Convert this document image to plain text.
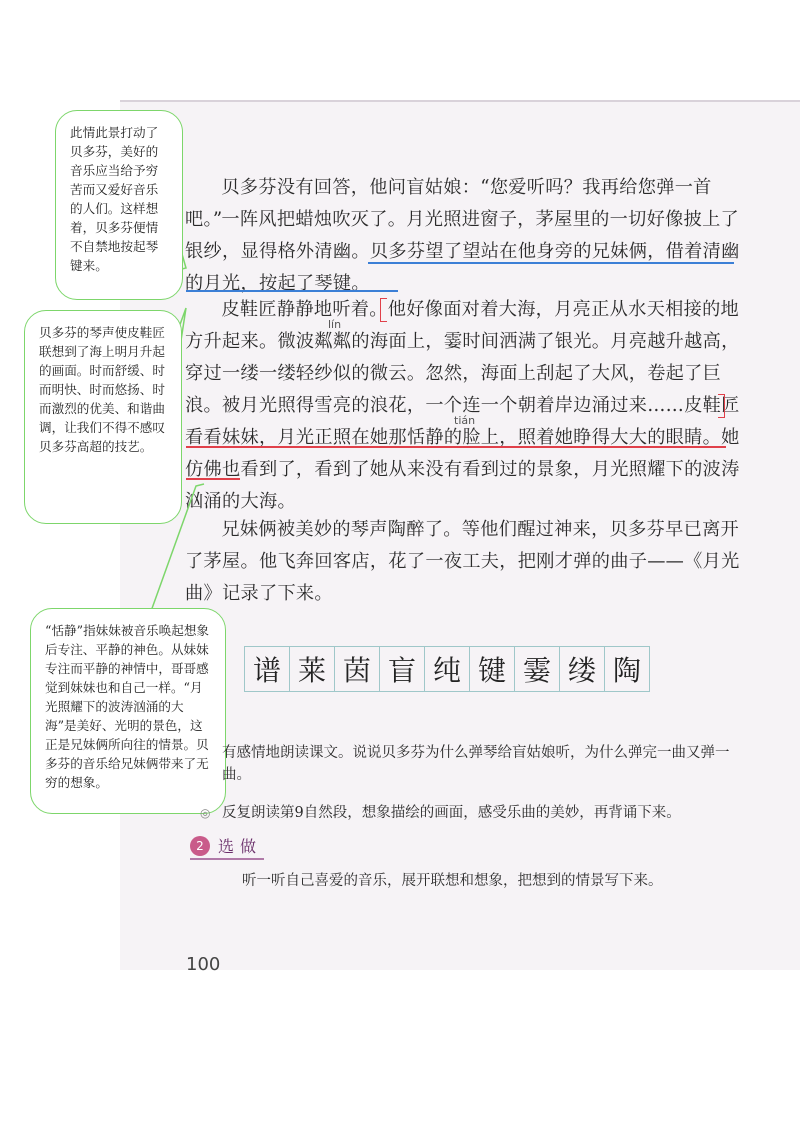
贝多芬没有回答，他问盲姑娘：“您爱听吗？我再给您弹一首吧。”

一阵风把蜡烛吹灭了。月光照进窗子，茅屋里的一切好像披上了银纱，显得格外清幽。贝多芬望了望站在他身旁的兄妹俩，借着清幽的月光，按起了琴键。

皮鞋匠静静地听着。他好像面对着大海，月亮正从水天相接的地方升起来。微波粼粼的海面上，霎时间洒满了银光。月亮越升越高，穿过一缕一缕轻纱似的微云。忽然，海面上刮起了大风，卷起了巨浪。被月光照得雪亮的浪花，一个连一个朝着岸边涌过来……皮鞋匠看看妹妹，月光正照在她那恬静的脸上，照着她睁得大大的眼睛。她仿佛也看到了，看到了她从来没有看到过的景象，月光照耀下的波涛汹涌的大海。

兄妹俩被美妙的琴声陶醉了。等他们醒过神来，贝多芬早已离开了茅屋。他飞奔回客店，花了一夜工夫，把刚才弹的曲子——《月光曲》记录了下来。

lín
tián
此情此景打动了贝多芬，美好的音乐应当给予穷苦而又爱好音乐的人们。这样想着，贝多芬便情不自禁地按起琴键来。
贝多芬的琴声使皮鞋匠联想到了海上明月升起的画面。时而舒缓、时而明快、时而悠扬、时而激烈的优美、和谐曲调，让我们不得不感叹贝多芬高超的技艺。
“恬静”指妹妹被音乐唤起想象后专注、平静的神色。从妹妹专注而平静的神情中，哥哥感觉到妹妹也和自己一样。“月光照耀下的波涛汹涌的大海”是美好、光明的景色，这正是兄妹俩所向往的情景。贝多芬的音乐给兄妹俩带来了无穷的想象。
谱 莱 茵 盲 纯 键 霎 缕 陶
有感情地朗读课文。说说贝多芬为什么弹琴给盲姑娘听，为什么弹完一曲又弹一曲。
◎ 反复朗读第9自然段，想象描绘的画面，感受乐曲的美妙，再背诵下来。
2 选做
听一听自己喜爱的音乐，展开联想和想象，把想到的情景写下来。
100
